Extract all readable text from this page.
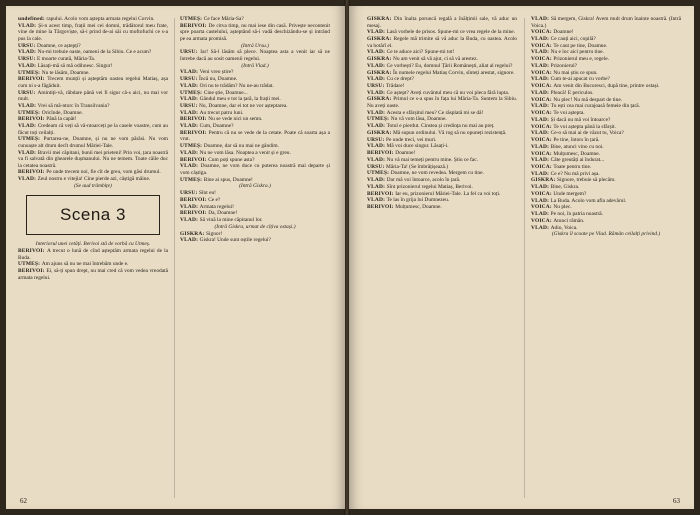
undefined: rapului. Acolo vom aștepta armata regelui Corvin.

VLAD: Și-n acest timp, frații mei cei domni, trădătorul meu frate, vine de mine la Târgoviște, să-i prind de-ai săi cu moftofuchi ce s-a pus la cale.

URSU: Doamne, ce aștepți?

VLAD: Nu-mi trebuie oaste, oameni de la Sibiu. Ce e acum?

URSU: E moarte curată, Măria-Ta.

VLAD: Lăsați-mă să mă odihnesc. Singur!

UTMEȘ: Nu te lăsăm, Doamne.

BERIVOI: Trecem munții și așteptăm oastea regelui Matiaș, așa cum ni s-a făgăduit.

URSU: Amintiți-vă, răbdare până vei fi sigur că-s aici, nu mai vor mult.

VLAD: Vrei să mă-ntorc în Transilvania?

UTMEȘ: Oricînde, Doamne.

BERIVOI: Până la capăt!

VLAD: Credeam că veți să vă-ntoarceți pe la casele voastre, cum au făcut toți ceilalți.

UTMEȘ: Purtarea-ne, Doamne, și nu ne vom părăsi. Nu vom cunoaște alt drum decît drumul Măriei-Tale.

VLAD: Bravii mei căpitani, bunii mei prieteni! Prin voi, țara noastră va fi salvată din ghearele dușmanului. Nu ne temem. Toate căile duc la cetatea noastră.

BERIVOI: Pe unde trecem noi, fie cît de greu, vom găsi drumul.

VLAD: Zeul nostru e vitejia! Cine pierde azi, câștigă mâine.

(Se aud trâmbițe)

Scena 3

Interiorul unei cetăți. Berivoi stă de vorbă cu Utmeș.

BERIVOI: A trecut o lună de cînd așteptăm armata regelui de la Buda.

UTMEȘ: Am ajuns să nu ne mai întrebăm unde e.

BERIVOI: Ei, să-ți spun drept, nu mai cred că vom vedea vreodată armata regelui.

UTMEȘ: Ce face Măria-Sa?

BERIVOI: De citva timp, nu mai iese din casă. Privește necontenit spre poarta castelului, așteptând să-i vadă deschizându-se și intrând pe ea armata promisă.

(Intră Ursu.)

URSU: Iar! Să-l lăsăm să plece. Noaptea asta a venit iar să ne întrebe dacă au sosit oamenii regelui.

(Intră Vlad.)

VLAD: Veni vreo știre?

URSU: Încă nu, Doamne.

VLAD: Ori nu te trădăm? Nu ne-au trădat.

UTMEȘ: Cine știe, Doamne...

VLAD: Gândul meu e tot la țară, la frații mei.

URSU: Nu, Doamne, dar ei tot ne vor așteptarea.

VLAD: Au trecut patru luni.

BERIVOI: Nu se vede nici un semn.

VLAD: Cum, Doamne?

BERIVOI: Pentru că nu se vede de la cetate. Poate că soarta așa a vrut.

UTMEȘ: Doamne, dar să nu mai ne gândim.

VLAD: Nu ne vom lăsa. Noaptea a venit și e greu.

BERIVOI: Cum poți spune asta?

VLAD: Doamne, ne vom duce cu puterea noastră mai departe și vom câștiga.

UTMEȘ: Bine ai spus, Doamne!

(Intră Giskra.)

URSU: Sînt eu!

BERIVOI: Ce e?

VLAD: Armata regelui!

BERIVOI: Da, Doamne!

VLAD: Să vină la mine căpitanul lor.

(Intră Giskra, urmat de cîțiva ostași.)

GISKRA: Signor!

VLAD: Giskra! Unde sunt oștile regelui?

62

GISKRA: Din înalta poruncă regală a înălțimii sale, vă aduc un mesaj.

VLAD: Lasă vorbele de prisos. Spune-mi ce vrea regele de la mine.

GISKRA: Regele mă trimite să vă aduc la Buda, cu oastea. Acolo va hotărî el.

VLAD: Ce te aduce aici? Spune-mi tot!

GISKRA: Nu am venit să vă ajut, ci să vă arestez.

VLAD: Ce vorbești? Eu, domnul Țării Românești, aliat al regelui?

GISKRA: În numele regelui Matiaș Corvin, sînteți arestat, signore.

VLAD: Cu ce drept?

URSU: Trădare!

VLAD: Ce aștept? Aveți cuvântul meu că nu voi pleca fără lupta.

GISKRA: Primul ce s-a spus în fața lui Măria-Ta. Suntem la Sibiu. Nu aveți oaste.

VLAD: Acesta e sfârșitul meu? Ce răsplată mi se dă!

UTMEȘ: Nu vă vom lăsa, Doamne.

VLAD: Totul e pierdut. Cinstea și credința nu mai au preț.

GISKRA: Mă supun ordinului. Vă rog să nu opuneți rezistență.

URSU: Pe unde treci, vei muri.

VLAD: Mă voi duce singur. Lăsați-i.

BERIVOI: Doamne!

VLAD: Nu vă mai temeți pentru mine. Știu ce fac.

URSU: Măria-Ta! (Se îmbrățișează.)

UTMEȘ: Doamne, ne vom revedea. Mergem cu tine.

VLAD: Dar mă voi întoarce, acolo în țară.

VLAD: Sînt prizonierul regelui Matiaș, Berivoi.

BERIVOI: Iar eu, prizonierul Măriei-Tale. La fel ca voi toți.

VLAD: Te las în grija lui Dumnezeu.

BERIVOI: Mulțumesc, Doamne.

VLAD: Să mergem, Giskra! Avem mult drum înainte noastră. (Intră Voica.)

VOICA: Doamne!

VLAD: Ce cauți aici, copilă?

VOICA: Te caut pe tine, Doamne.

VLAD: Nu e loc aici pentru tine.

VOICA: Prizonierul meu e, regele.

VLAD: Prizonierul?

VOICA: Nu mai știu ce spun.

VLAD: Cum te-ai apucat cu vorbe?

VOICA: Am venit din Bucuresci, după tine, printre ostași.

VLAD: Pleacă! E periculos.

VOICA: Nu plec! Nu mă despart de tine.

VLAD: Tu ești cea mai curajoasă femeie din țară.

VOICA: Te voi aștepta.

VLAD: Și dacă nu mă voi întoarce?

VOICA: Te voi aștepta până la sfârșit.

VLAD: Ce-o să mai ai de văzut tu, Voica?

VOICA: Pe tine, întors în țară.

VLAD: Bine, atunci vino cu noi.

VOICA: Mulțumesc, Doamne.

VLAD: Câte greutăți ai îndurat...

VOICA: Toate pentru tine.

VLAD: Ce e? Nu mă privi așa.

GISKRA: Signore, trebuie să plecăm.

VLAD: Bine, Giskra.

VOICA: Unde mergem?

VLAD: La Buda. Acolo vom afla adevărul.

VOICA: Nu plec.

VLAD: Pe noi, în patria noastră.

VOICA: Atunci rămân.

VLAD: Adio, Voica.

(Giskra îl scoate pe Vlad. Rămân ceilalți privind.)

63
